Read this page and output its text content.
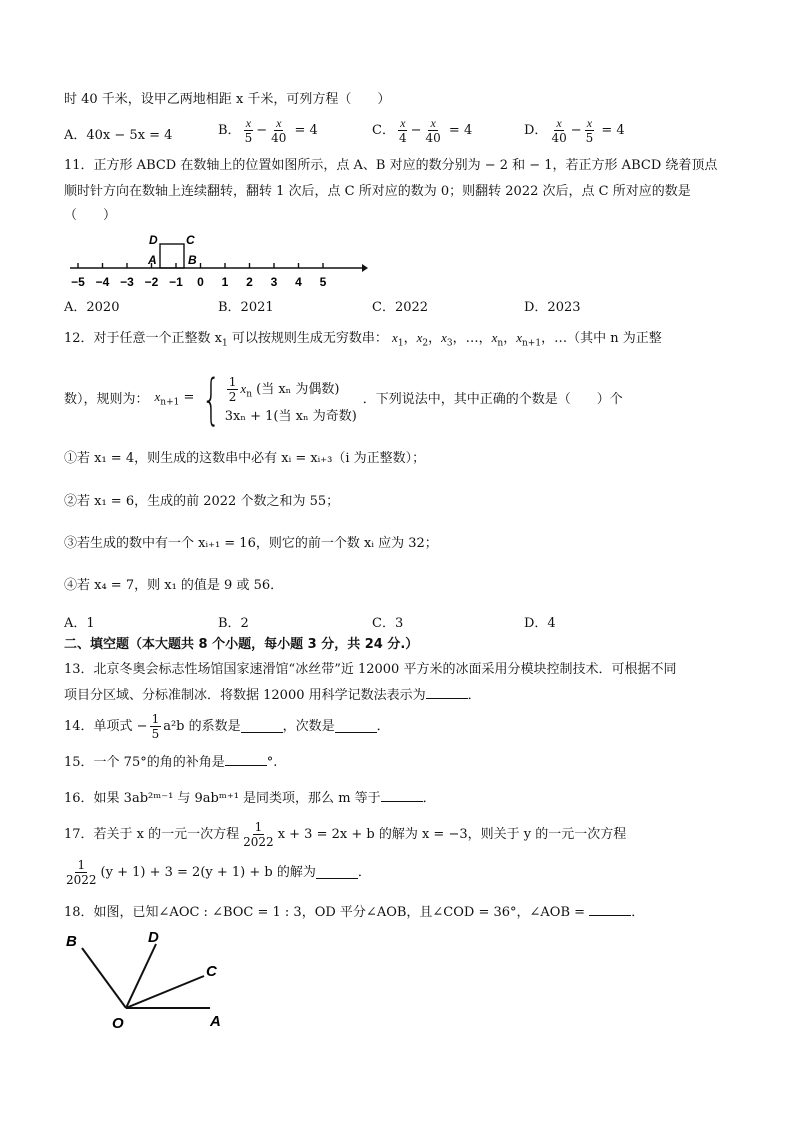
时 40 千米，设甲乙两地相距 x 千米，可列方程（　　）
A．40x − 5x = 4	B． $\frac{x}{5} - \frac{x}{40} = 4$	C． $\frac{x}{4} - \frac{x}{40} = 4$	D． $\frac{x}{40} - \frac{x}{5} = 4$
11．正方形 ABCD 在数轴上的位置如图所示，点 A、B 对应的数分别为 − 2 和 − 1，若正方形 ABCD 绕着顶点
顺时针方向在数轴上连续翻转，翻转 1 次后，点 C 所对应的数为 0；则翻转 2022 次后，点 C 所对应的数是
（　　）
−5 −4 −3 −2 −1 0 1 2 3 4 5
D C
A	B
A．2020	B．2021	C．2022	D．2023
12．对于任意一个正整数 $x_1$ 可以按规则生成无穷数串： $x_1$，$x_2$，$x_3$，…，$x_n$，$x_{n+1}$，…（其中 n 为正整
数），规则为： $x_{n+1}$ = { $\frac{1}{2} x_n$ (当 xₙ 为偶数)
3xₙ + 1(当 xₙ 为奇数)
．下列说法中，其中正确的个数是（　　）个
①若 x₁ = 4，则生成的这数串中必有 xᵢ = xᵢ₊₃（i 为正整数）；
②若 x₁ = 6，生成的前 2022 个数之和为 55；
③若生成的数中有一个 xᵢ₊₁ = 16，则它的前一个数 xᵢ 应为 32；
④若 x₄ = 7，则 x₁ 的值是 9 或 56．
A．1	B．2	C．3	D．4
二、填空题（本大题共 8 个小题，每小题 3 分，共 24 分.）
13．北京冬奥会标志性场馆国家速滑馆“冰丝带”近 12000 平方米的冰面采用分模块控制技术．可根据不同
项目分区域、分标准制冰．将数据 12000 用科学记数法表示为	．
14．单项式 − $\frac{1}{5} a^2b$ 的系数是	，次数是	．
15．一个 75°的角的补角是	°.
16．如果 3ab²ᵐ⁻¹ 与 9abᵐ⁺¹ 是同类项，那么 m 等于	．
17．若关于 x 的一元一次方程 $\frac{1}{2022}$ x + 3 = 2x + b 的解为 x = −3，则关于 y 的一元一次方程
$\frac{1}{2022} (y + 1) + 3 = 2(y + 1) + b$ 的解为	．
18．如图，已知∠AOC : ∠BOC = 1 : 3，OD 平分∠AOB，且∠COD = 36°，∠AOB =	．
B	D
C
O	A
